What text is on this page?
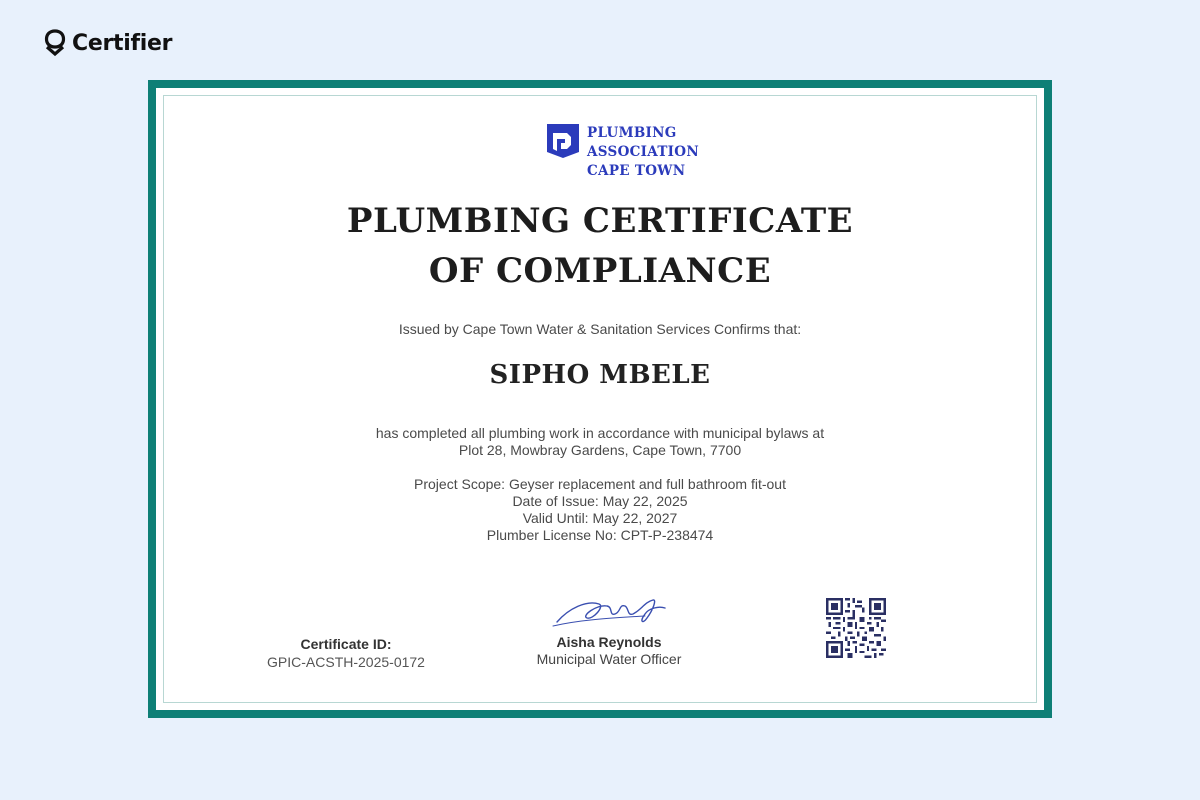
Certifier
PLUMBING
ASSOCIATION
CAPE TOWN
PLUMBING CERTIFICATE
OF COMPLIANCE
Issued by Cape Town Water & Sanitation Services Confirms that:
SIPHO MBELE
has completed all plumbing work in accordance with municipal bylaws at
Plot 28, Mowbray Gardens, Cape Town, 7700
Project Scope: Geyser replacement and full bathroom fit-out
Date of Issue: May 22, 2025
Valid Until: May 22, 2027
Plumber License No: CPT-P-238474
Certificate ID:
GPIC-ACSTH-2025-0172
Aisha Reynolds
Municipal Water Officer
